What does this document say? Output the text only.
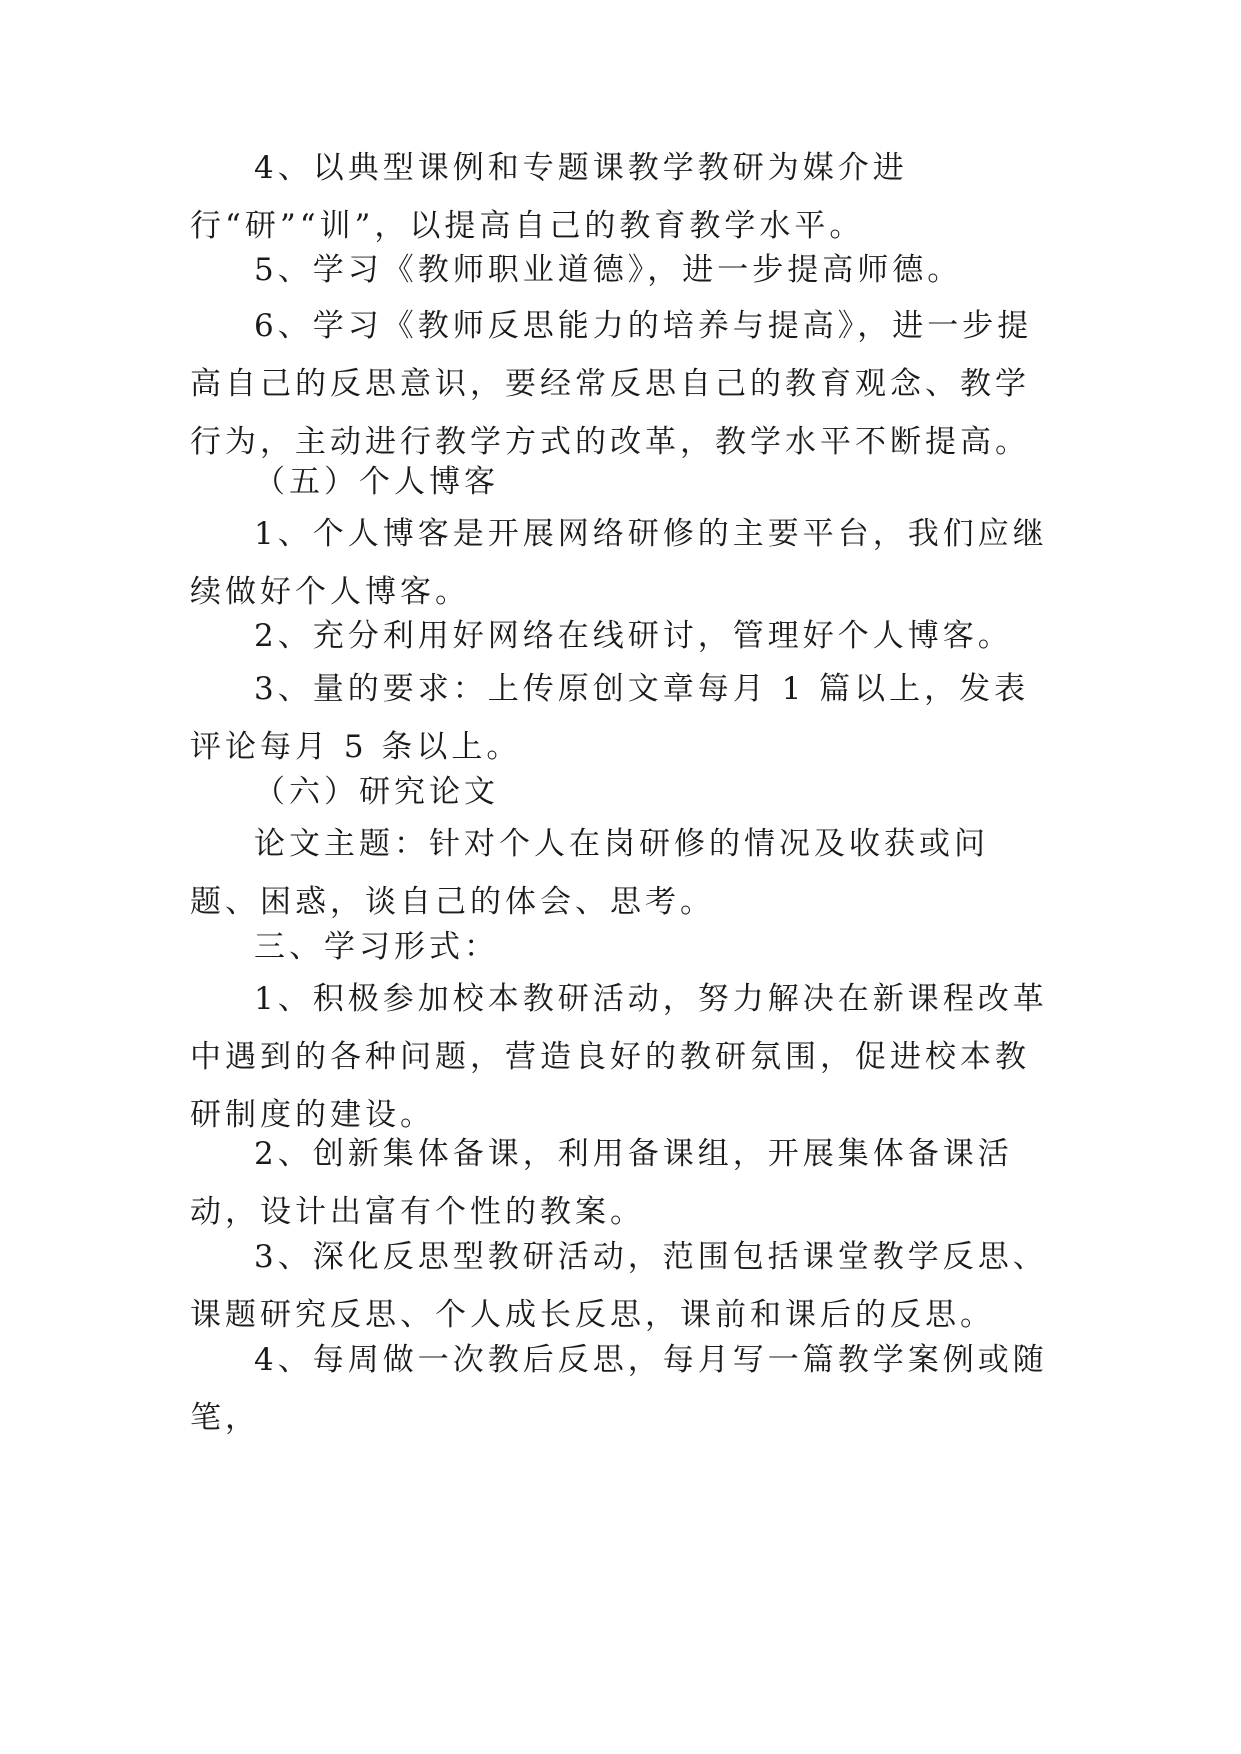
4、以典型课例和专题课教学教研为媒介进行“研”“训”，以提高自己的教育教学水平。

5、学习《教师职业道德》，进一步提高师德。

6、学习《教师反思能力的培养与提高》，进一步提高自己的反思意识，要经常反思自己的教育观念、教学行为，主动进行教学方式的改革，教学水平不断提高。

（五）个人博客

1、个人博客是开展网络研修的主要平台，我们应继续做好个人博客。

2、充分利用好网络在线研讨，管理好个人博客。

3、量的要求：上传原创文章每月 1 篇以上，发表评论每月 5 条以上。

（六）研究论文

论文主题：针对个人在岗研修的情况及收获或问题、困惑，谈自己的体会、思考。

三、学习形式：

1、积极参加校本教研活动，努力解决在新课程改革中遇到的各种问题，营造良好的教研氛围，促进校本教研制度的建设。

2、创新集体备课，利用备课组，开展集体备课活动，设计出富有个性的教案。

3、深化反思型教研活动，范围包括课堂教学反思、课题研究反思、个人成长反思，课前和课后的反思。

4、每周做一次教后反思，每月写一篇教学案例或随笔，
